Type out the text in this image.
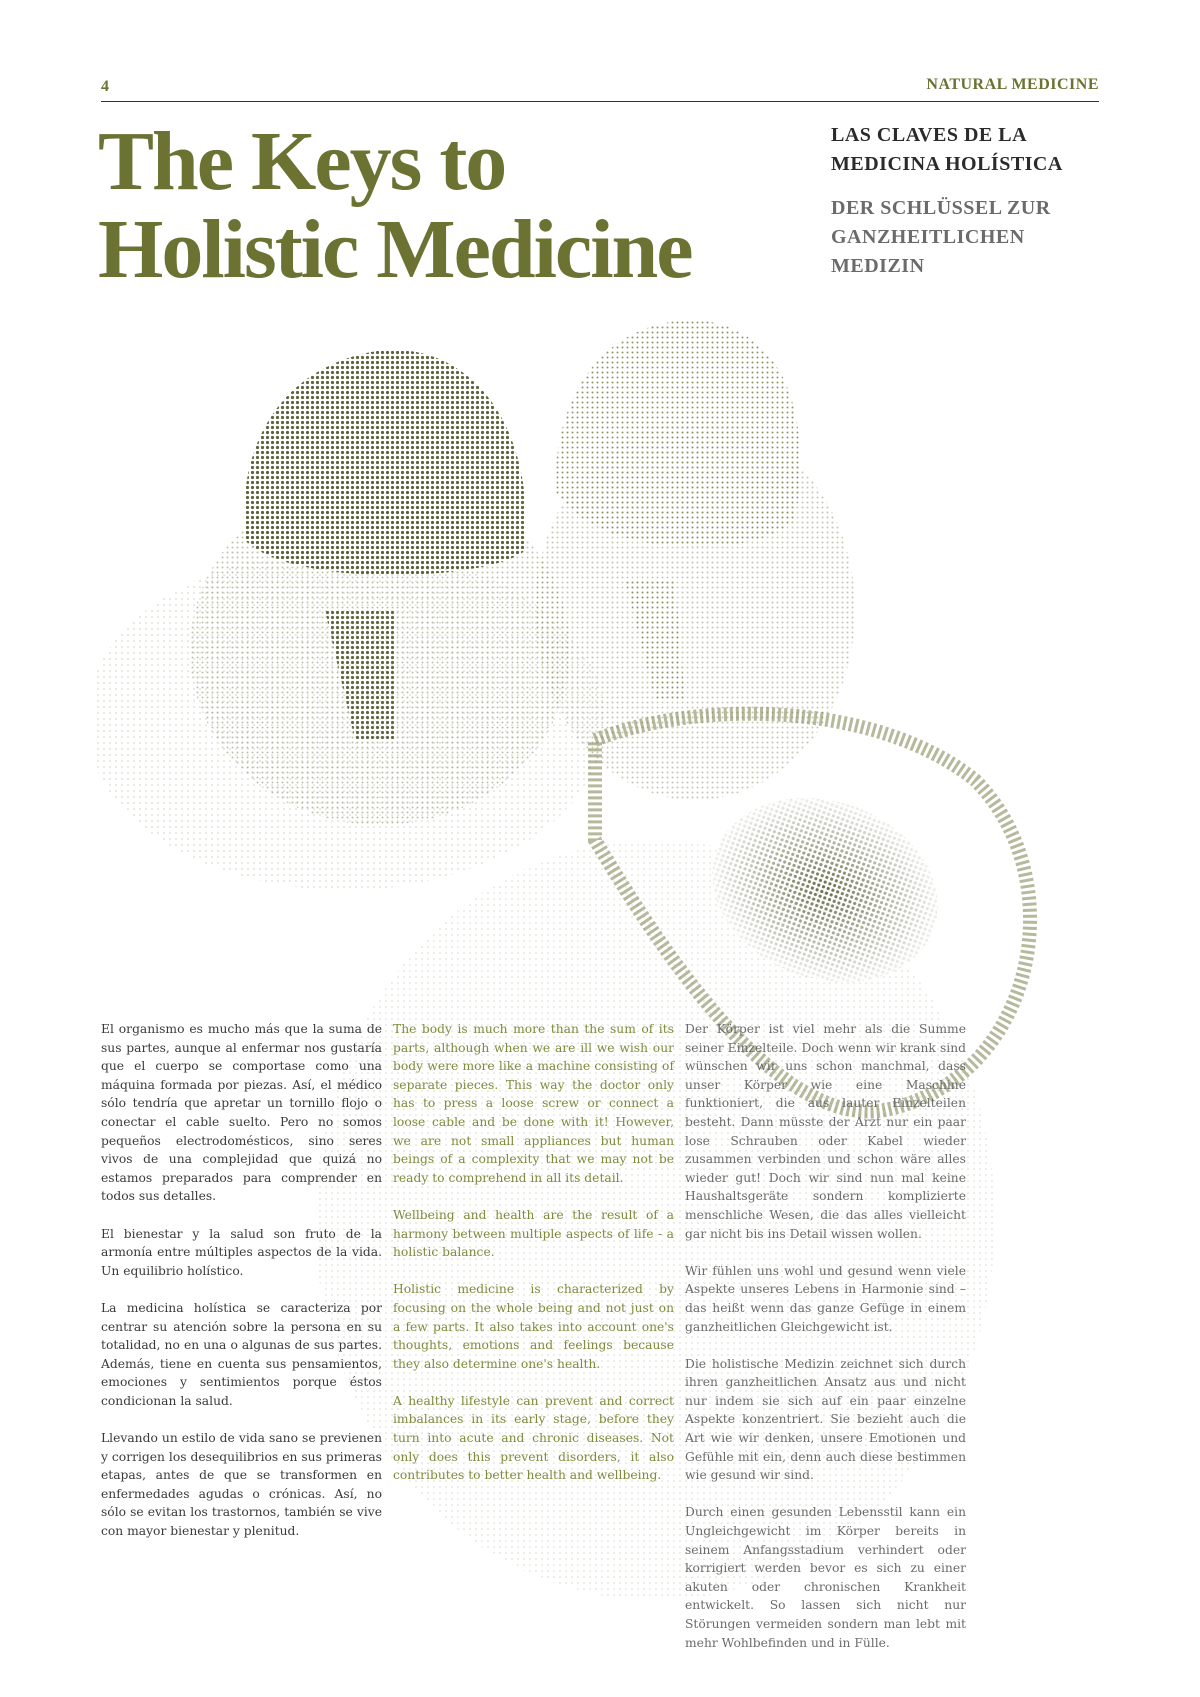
4	NATURAL MEDICINE
The Keys to
Holistic Medicine

LAS CLAVES DE LA MEDICINA HOLÍSTICA

DER SCHLÜSSEL ZUR GANZHEITLICHEN MEDIZIN

El organismo es mucho más que la suma de sus partes, aunque al enfermar nos gustaría que el cuerpo se comportase como una máquina formada por piezas. Así, el médico sólo tendría que apretar un tornillo flojo o conectar el cable suelto. Pero no somos pequeños electrodomésticos, sino seres vivos de una complejidad que quizá no estamos preparados para comprender en todos sus detalles.

El bienestar y la salud son fruto de la armonía entre múltiples aspectos de la vida. Un equilibrio holístico.

La medicina holística se caracteriza por centrar su atención sobre la persona en su totalidad, no en una o algunas de sus partes. Además, tiene en cuenta sus pensamientos, emociones y sentimientos porque éstos condicionan la salud.

Llevando un estilo de vida sano se previenen y corrigen los desequilibrios en sus primeras etapas, antes de que se transformen en enfermedades agudas o crónicas. Así, no sólo se evitan los trastornos, también se vive con mayor bienestar y plenitud.

The body is much more than the sum of its parts, although when we are ill we wish our body were more like a machine consisting of separate pieces. This way the doctor only has to press a loose screw or connect a loose cable and be done with it! However, we are not small appliances but human beings of a complexity that we may not be ready to comprehend in all its detail.

Wellbeing and health are the result of a harmony between multiple aspects of life - a holistic balance.

Holistic medicine is characterized by focusing on the whole being and not just on a few parts. It also takes into account one's thoughts, emotions and feelings because they also determine one's health.

A healthy lifestyle can prevent and correct imbalances in its early stage, before they turn into acute and chronic diseases. Not only does this prevent disorders, it also contributes to better health and wellbeing.

Der Körper ist viel mehr als die Summe seiner Einzelteile. Doch wenn wir krank sind wünschen wir uns schon manchmal, dass unser Körper wie eine Maschine funktioniert, die aus lauter Einzelteilen besteht. Dann müsste der Arzt nur ein paar lose Schrauben oder Kabel wieder zusammen verbinden und schon wäre alles wieder gut! Doch wir sind nun mal keine Haushaltsgeräte sondern komplizierte menschliche Wesen, die das alles vielleicht gar nicht bis ins Detail wissen wollen.

Wir fühlen uns wohl und gesund wenn viele Aspekte unseres Lebens in Harmonie sind – das heißt wenn das ganze Gefüge in einem ganzheitlichen Gleichgewicht ist.

Die holistische Medizin zeichnet sich durch ihren ganzheitlichen Ansatz aus und nicht nur indem sie sich auf ein paar einzelne Aspekte konzentriert. Sie bezieht auch die Art wie wir denken, unsere Emotionen und Gefühle mit ein, denn auch diese bestimmen wie gesund wir sind.

Durch einen gesunden Lebensstil kann ein Ungleichgewicht im Körper bereits in seinem Anfangsstadium verhindert oder korrigiert werden bevor es sich zu einer akuten oder chronischen Krankheit entwickelt. So lassen sich nicht nur Störungen vermeiden sondern man lebt mit mehr Wohlbefinden und in Fülle.
